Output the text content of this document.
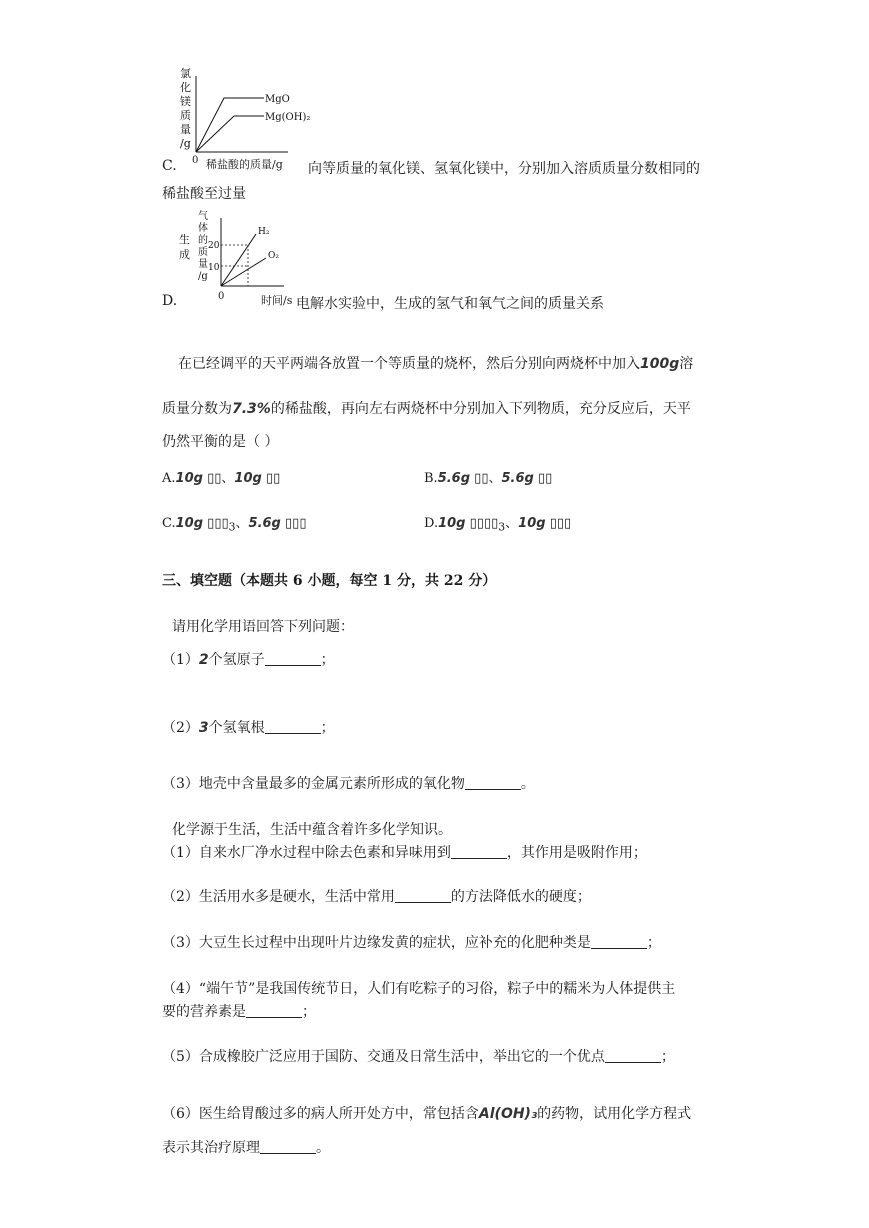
氯
化
镁
质
量
/g
MgO
Mg(OH)₂
C. 0 稀盐酸的质量/g 向等质量的氧化镁、氢氧化镁中，分别加入溶质质量分数相同的
稀盐酸至过量
生
成
气
体
的
质
量
/g
20
10
H₂
O₂
D.	0	时间/s 电解水实验中，生成的氢气和氧气之间的质量关系
在已经调平的天平两端各放置一个等质量的烧杯，然后分别向两烧杯中加入100g溶
质量分数为7.3%的稀盐酸，再向左右两烧杯中分别加入下列物质，充分反应后，天平
仍然平衡的是（ ）
A.10g ▯▯、10g ▯▯	B.5.6g ▯▯、5.6g ▯▯
C.10g $▯▯▯_3$、5.6g ▯▯▯	D.10g $▯▯▯▯_3$、10g ▯▯▯
三、填空题（本题共 6 小题，每空 1 分，共 22 分）
请用化学用语回答下列问题：
（1）2个氢原子	；
（2）3个氢氧根	；
（3）地壳中含量最多的金属元素所形成的氧化物	。
化学源于生活，生活中蕴含着许多化学知识。
（1）自来水厂净水过程中除去色素和异味用到	，其作用是吸附作用；
（2）生活用水多是硬水，生活中常用	的方法降低水的硬度；
（3）大豆生长过程中出现叶片边缘发黄的症状，应补充的化肥种类是	；
（4）“端午节”是我国传统节日，人们有吃粽子的习俗，粽子中的糯米为人体提供主
要的营养素是	；
（5）合成橡胶广泛应用于国防、交通及日常生活中，举出它的一个优点	；
（6）医生给胃酸过多的病人所开处方中，常包括含Al(OH)₃的药物，试用化学方程式
表示其治疗原理	。
